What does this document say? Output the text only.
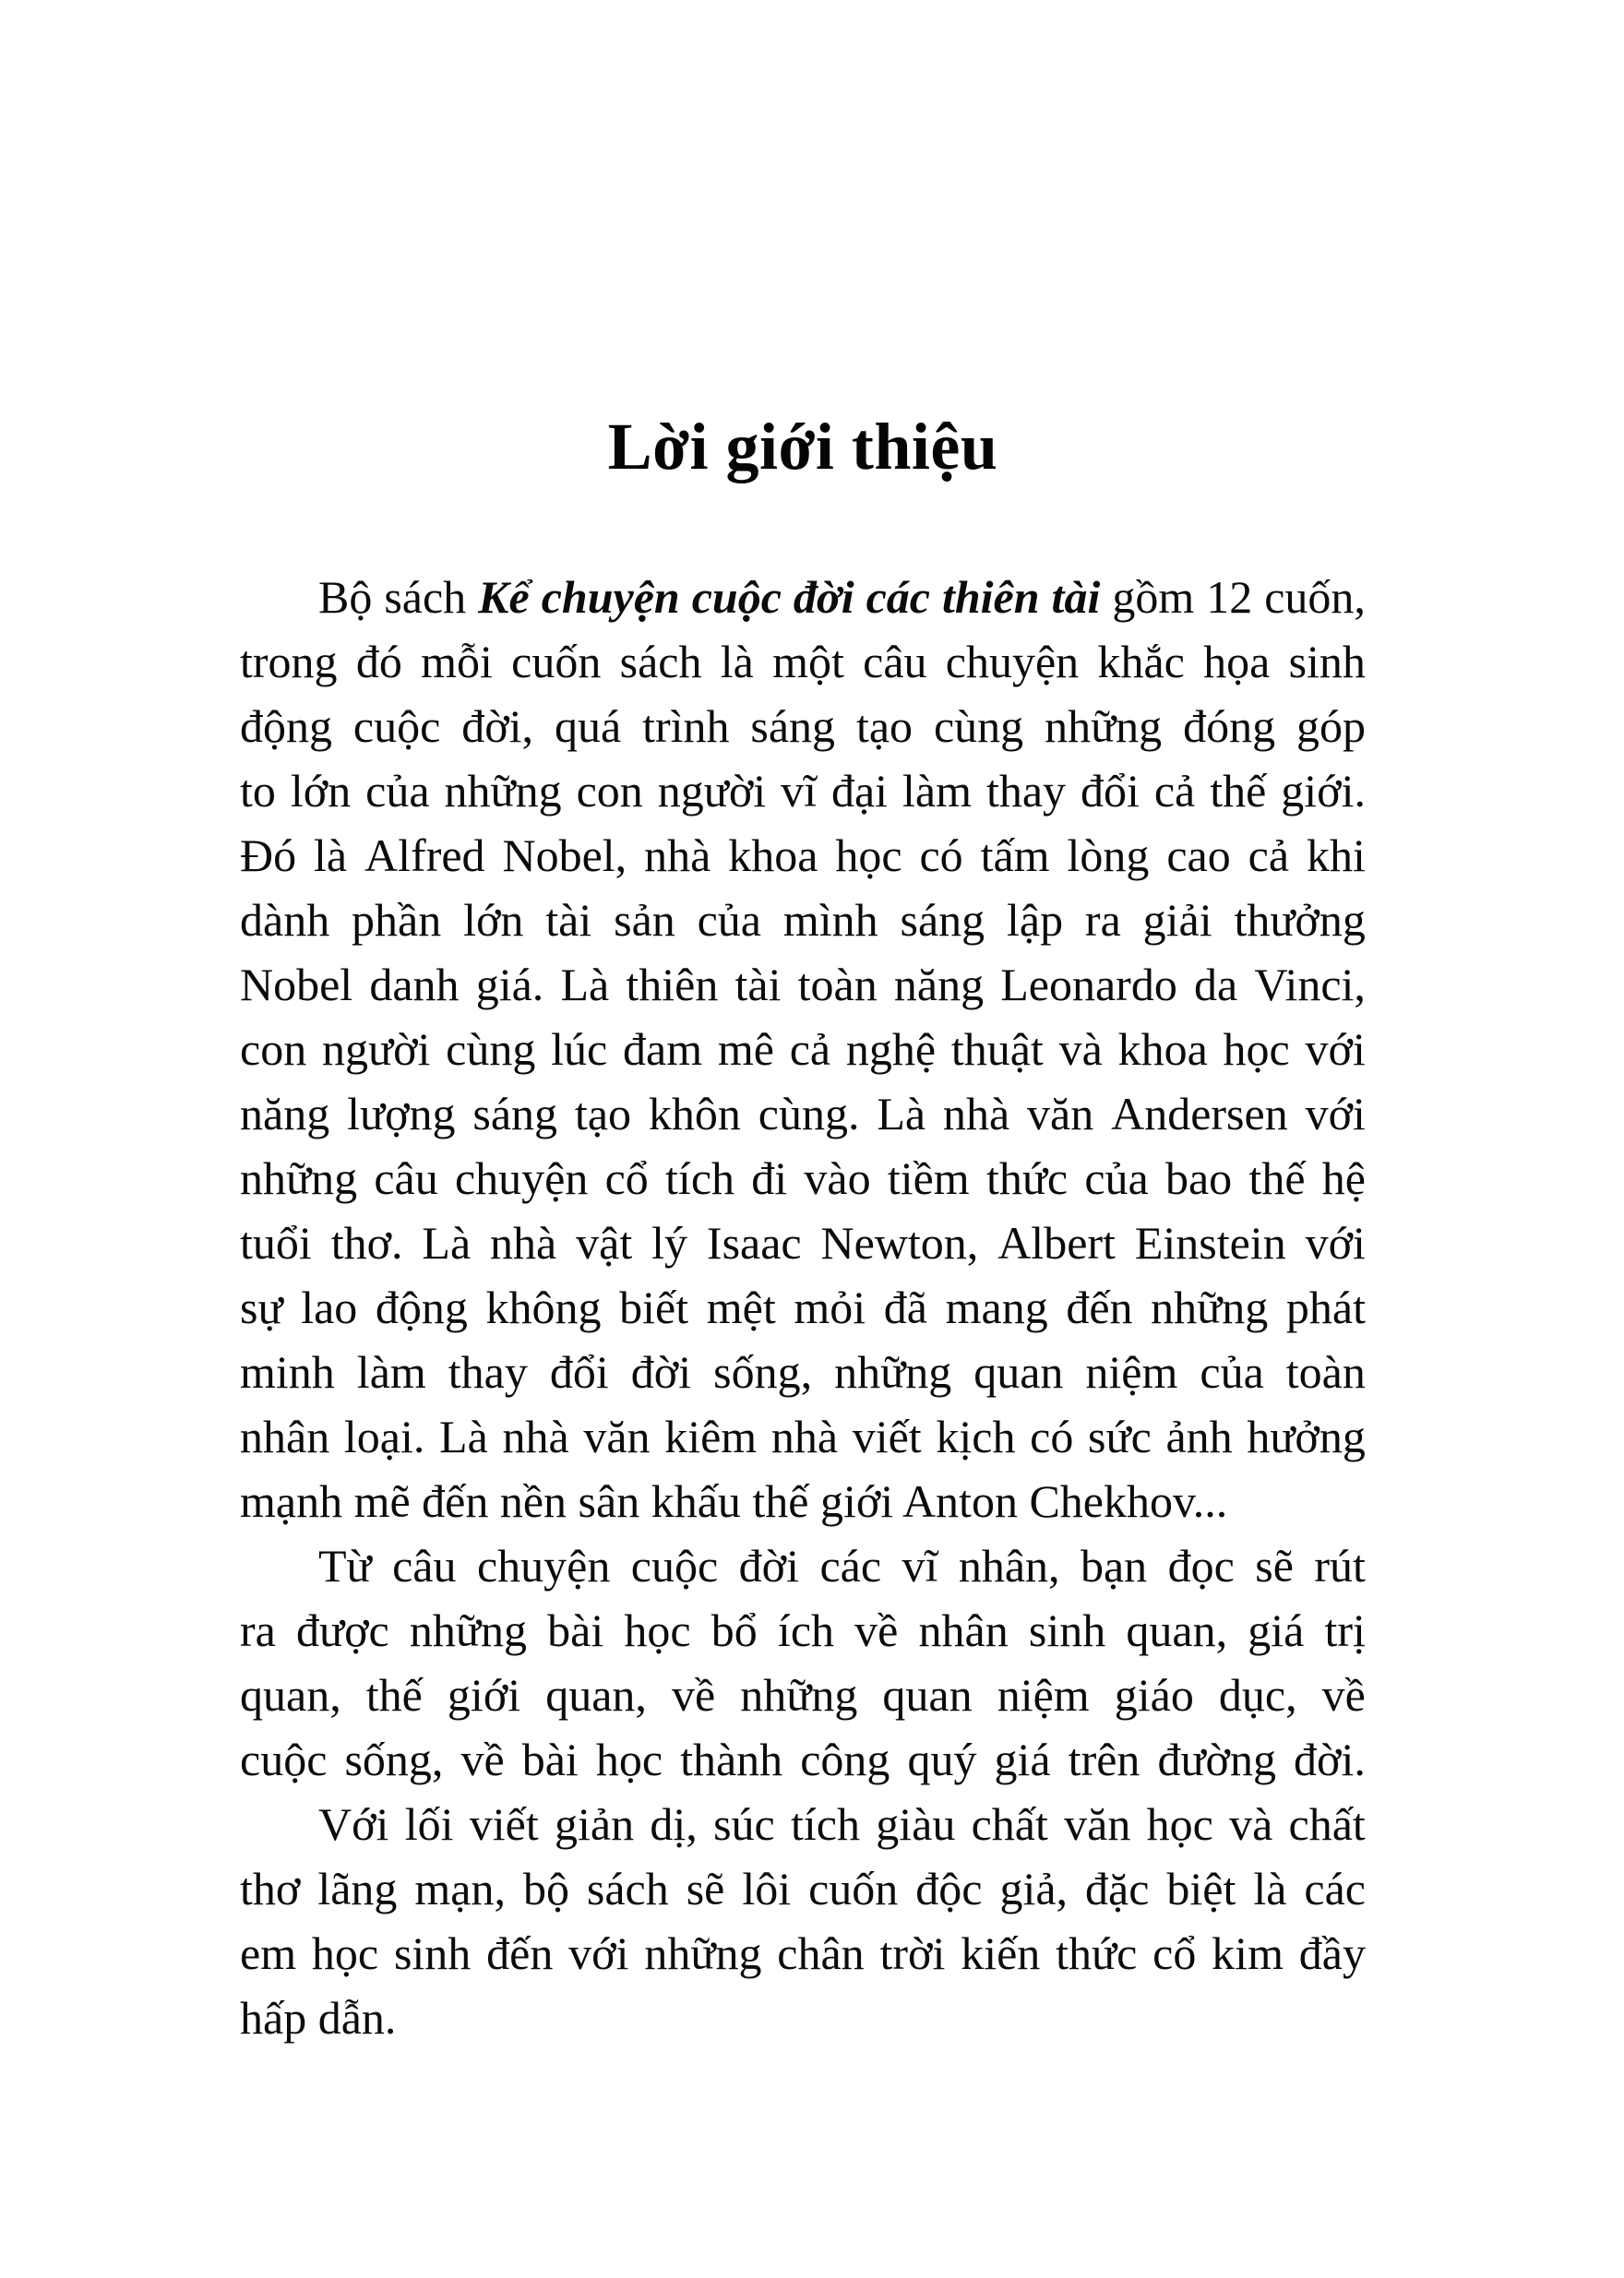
Lời giới thiệu
Bộ sách Kể chuyện cuộc đời các thiên tài gồm 12 cuốn,
trong đó mỗi cuốn sách là một câu chuyện khắc họa sinh
động cuộc đời, quá trình sáng tạo cùng những đóng góp
to lớn của những con người vĩ đại làm thay đổi cả thế giới.
Đó là Alfred Nobel, nhà khoa học có tấm lòng cao cả khi
dành phần lớn tài sản của mình sáng lập ra giải thưởng
Nobel danh giá. Là thiên tài toàn năng Leonardo da Vinci,
con người cùng lúc đam mê cả nghệ thuật và khoa học với
năng lượng sáng tạo khôn cùng. Là nhà văn Andersen với
những câu chuyện cổ tích đi vào tiềm thức của bao thế hệ
tuổi thơ. Là nhà vật lý Isaac Newton, Albert Einstein với
sự lao động không biết mệt mỏi đã mang đến những phát
minh làm thay đổi đời sống, những quan niệm của toàn
nhân loại. Là nhà văn kiêm nhà viết kịch có sức ảnh hưởng
mạnh mẽ đến nền sân khấu thế giới Anton Chekhov...
Từ câu chuyện cuộc đời các vĩ nhân, bạn đọc sẽ rút
ra được những bài học bổ ích về nhân sinh quan, giá trị
quan, thế giới quan, về những quan niệm giáo dục, về
cuộc sống, về bài học thành công quý giá trên đường đời.
Với lối viết giản dị, súc tích giàu chất văn học và chất
thơ lãng mạn, bộ sách sẽ lôi cuốn độc giả, đặc biệt là các
em học sinh đến với những chân trời kiến thức cổ kim đầy
hấp dẫn.
